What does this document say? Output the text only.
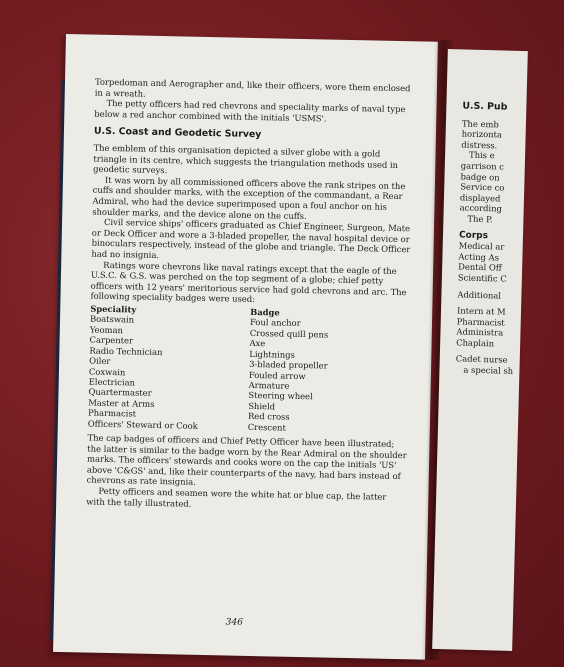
Torpedoman and Aerographer and, like their officers, wore them enclosed in a wreath.

The petty officers had red chevrons and speciality marks of naval type below a red anchor combined with the initials 'USMS'.

U.S. Coast and Geodetic Survey

The emblem of this organisation depicted a silver globe with a gold triangle in its centre, which suggests the triangulation methods used in geodetic surveys.

It was worn by all commissioned officers above the rank stripes on the cuffs and shoulder marks, with the exception of the commandant, a Rear Admiral, who had the device superimposed upon a foul anchor on his shoulder marks, and the device alone on the cuffs.

Civil service ships' officers graduated as Chief Engineer, Surgeon, Mate or Deck Officer and wore a 3-bladed propeller, the naval hospital device or binoculars respectively, instead of the globe and triangle. The Deck Officer had no insignia.

Ratings wore chevrons like naval ratings except that the eagle of the U.S.C. & G.S. was perched on the top segment of a globe; chief petty officers with 12 years' meritorious service had gold chevrons and arc. The following speciality badges were used:

Speciality
Boatswain
Yeoman
Carpenter
Radio Technician
Oiler
Coxwain
Electrician
Quartermaster
Master at Arms
Pharmacist
Officers' Steward or Cook
Badge
Foul anchor
Crossed quill pens
Axe
Lightnings
3-bladed propeller
Fouled arrow
Armature
Steering wheel
Shield
Red cross
Crescent

The cap badges of officers and Chief Petty Officer have been illustrated; the latter is similar to the badge worn by the Rear Admiral on the shoulder marks. The officers' stewards and cooks wore on the cap the initials 'US' above 'C&GS' and, like their counterparts of the navy, had bars instead of chevrons as rate insignia.

Petty officers and seamen wore the white hat or blue cap, the latter with the tally illustrated.

346
U.S. Pub
The emb
horizonta
distress.
This e
garrison c
badge on
Service co
displayed
according
The P.
Corps
Medical ar
Acting As
Dental Off
Scientific C
Additional
Intern at M
Pharmacist
Administra
Chaplain
Cadet nurse
a special sh
